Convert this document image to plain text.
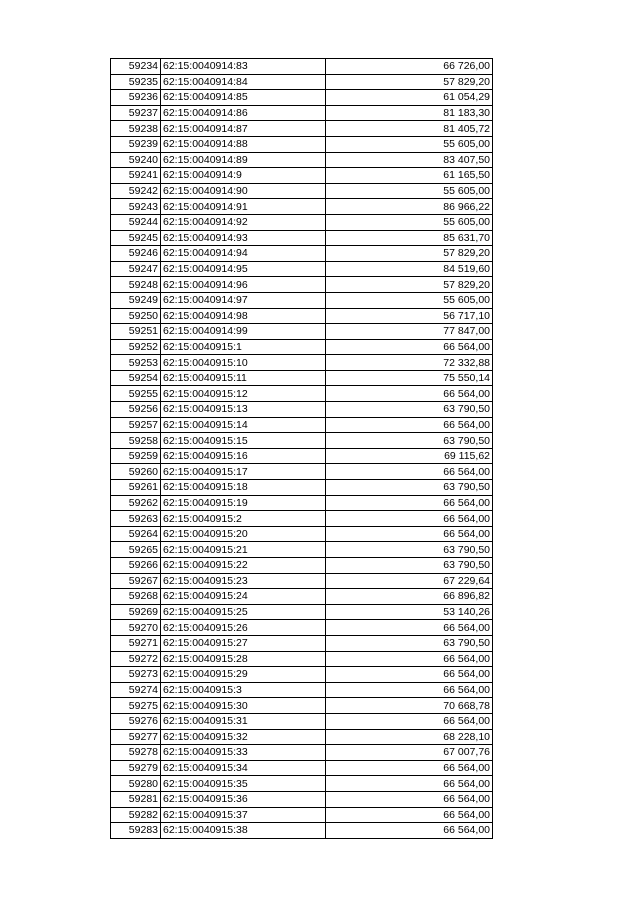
59234	62:15:0040914:83	66 726,00
59235	62:15:0040914:84	57 829,20
59236	62:15:0040914:85	61 054,29
59237	62:15:0040914:86	81 183,30
59238	62:15:0040914:87	81 405,72
59239	62:15:0040914:88	55 605,00
59240	62:15:0040914:89	83 407,50
59241	62:15:0040914:9	61 165,50
59242	62:15:0040914:90	55 605,00
59243	62:15:0040914:91	86 966,22
59244	62:15:0040914:92	55 605,00
59245	62:15:0040914:93	85 631,70
59246	62:15:0040914:94	57 829,20
59247	62:15:0040914:95	84 519,60
59248	62:15:0040914:96	57 829,20
59249	62:15:0040914:97	55 605,00
59250	62:15:0040914:98	56 717,10
59251	62:15:0040914:99	77 847,00
59252	62:15:0040915:1	66 564,00
59253	62:15:0040915:10	72 332,88
59254	62:15:0040915:11	75 550,14
59255	62:15:0040915:12	66 564,00
59256	62:15:0040915:13	63 790,50
59257	62:15:0040915:14	66 564,00
59258	62:15:0040915:15	63 790,50
59259	62:15:0040915:16	69 115,62
59260	62:15:0040915:17	66 564,00
59261	62:15:0040915:18	63 790,50
59262	62:15:0040915:19	66 564,00
59263	62:15:0040915:2	66 564,00
59264	62:15:0040915:20	66 564,00
59265	62:15:0040915:21	63 790,50
59266	62:15:0040915:22	63 790,50
59267	62:15:0040915:23	67 229,64
59268	62:15:0040915:24	66 896,82
59269	62:15:0040915:25	53 140,26
59270	62:15:0040915:26	66 564,00
59271	62:15:0040915:27	63 790,50
59272	62:15:0040915:28	66 564,00
59273	62:15:0040915:29	66 564,00
59274	62:15:0040915:3	66 564,00
59275	62:15:0040915:30	70 668,78
59276	62:15:0040915:31	66 564,00
59277	62:15:0040915:32	68 228,10
59278	62:15:0040915:33	67 007,76
59279	62:15:0040915:34	66 564,00
59280	62:15:0040915:35	66 564,00
59281	62:15:0040915:36	66 564,00
59282	62:15:0040915:37	66 564,00
59283	62:15:0040915:38	66 564,00
